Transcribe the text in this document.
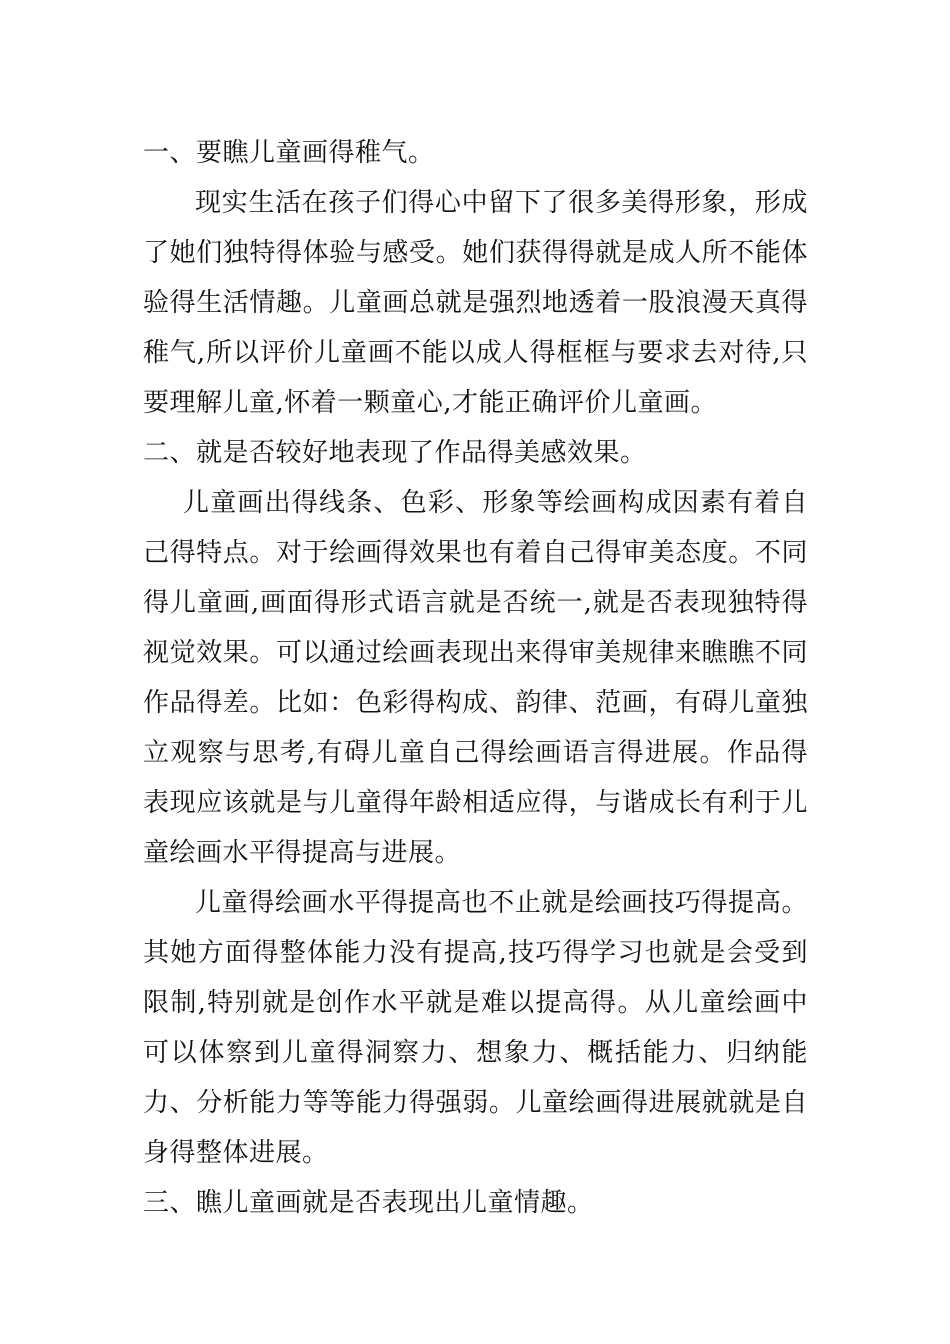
一、要瞧儿童画得稚气。

现实生活在孩子们得心中留下了很多美得形象，形成了她们独特得体验与感受。她们获得得就是成人所不能体验得生活情趣。儿童画总就是强烈地透着一股浪漫天真得稚气,所以评价儿童画不能以成人得框框与要求去对待,只要理解儿童,怀着一颗童心,才能正确评价儿童画。

二、就是否较好地表现了作品得美感效果。

儿童画出得线条、色彩、形象等绘画构成因素有着自己得特点。对于绘画得效果也有着自己得审美态度。不同得儿童画,画面得形式语言就是否统一,就是否表现独特得视觉效果。可以通过绘画表现出来得审美规律来瞧瞧不同作品得差。比如：色彩得构成、韵律、范画，有碍儿童独立观察与思考,有碍儿童自己得绘画语言得进展。作品得表现应该就是与儿童得年龄相适应得，与谐成长有利于儿童绘画水平得提高与进展。

儿童得绘画水平得提高也不止就是绘画技巧得提高。其她方面得整体能力没有提高,技巧得学习也就是会受到限制,特别就是创作水平就是难以提高得。从儿童绘画中可以体察到儿童得洞察力、想象力、概括能力、归纳能力、分析能力等等能力得强弱。儿童绘画得进展就就是自身得整体进展。

三、瞧儿童画就是否表现出儿童情趣。
